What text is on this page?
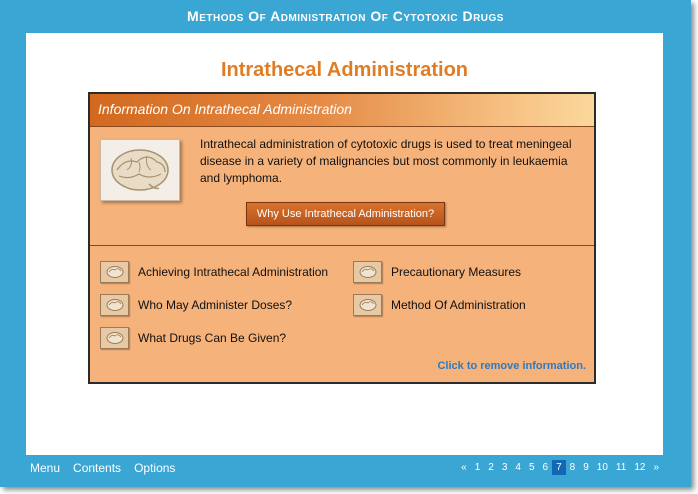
Methods Of Administration Of Cytotoxic Drugs
Intrathecal Administration
Information On Intrathecal Administration
Intrathecal administration of cytotoxic drugs is used to treat meningeal disease in a variety of malignancies but most commonly in leukaemia and lymphoma.
Why Use Intrathecal Administration?
Achieving Intrathecal Administration	Precautionary Measures
Who May Administer Doses?	Method Of Administration
What Drugs Can Be Given?
Click to remove information.
Menu Contents Options	« 1 2 3 4 5 6 7 8 9 10 11 12 »
